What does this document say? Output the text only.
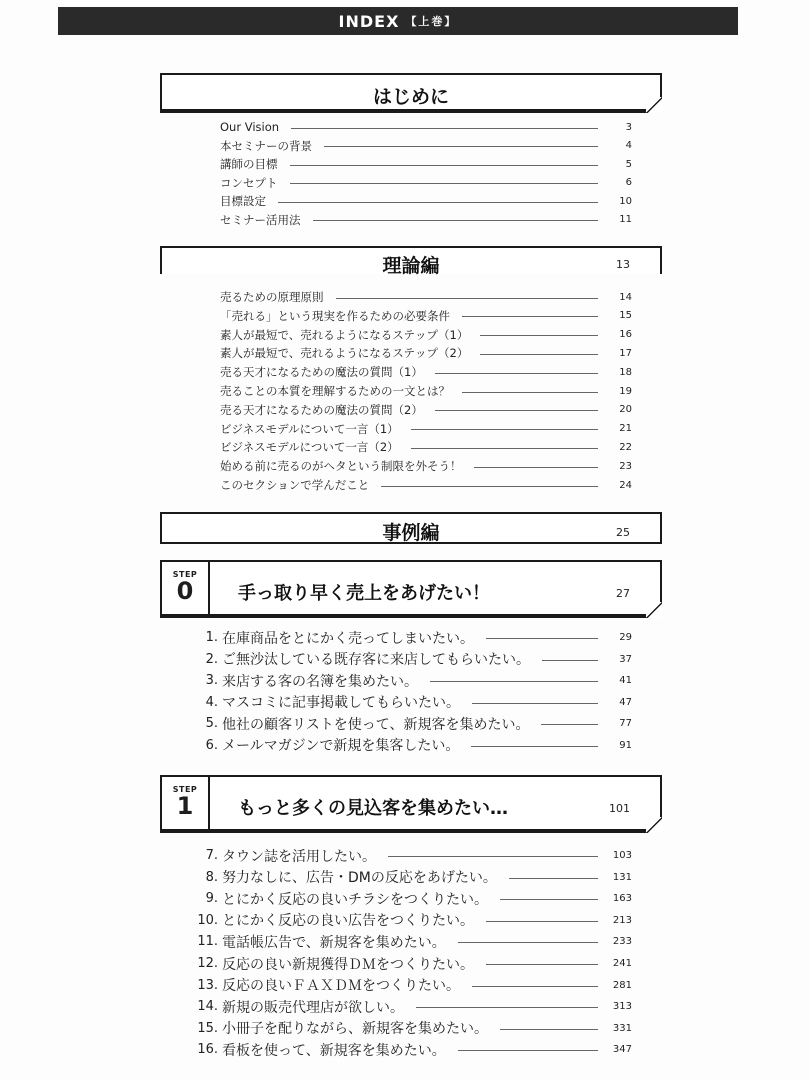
INDEX 【上巻】
はじめに
Our Vision	3
本セミナーの背景	4
講師の目標	5
コンセプト	6
目標設定	10
セミナー活用法	11
理論編	13
売るための原理原則	14
「売れる」という現実を作るための必要条件	15
素人が最短で、売れるようになるステップ（1）	16
素人が最短で、売れるようになるステップ（2）	17
売る天才になるための魔法の質問（1）	18
売ることの本質を理解するための一文とは？	19
売る天才になるための魔法の質問（2）	20
ビジネスモデルについて一言（1）	21
ビジネスモデルについて一言（2）	22
始める前に売るのがヘタという制限を外そう！	23
このセクションで学んだこと	24
事例編	25
STEP
0	手っ取り早く売上をあげたい！	27
1. 在庫商品をとにかく売ってしまいたい。	29
2. ご無沙汰している既存客に来店してもらいたい。	37
3. 来店する客の名簿を集めたい。	41
4. マスコミに記事掲載してもらいたい。	47
5. 他社の顧客リストを使って、新規客を集めたい。	77
6. メールマガジンで新規を集客したい。	91
STEP
1	もっと多くの見込客を集めたい…	101
7. タウン誌を活用したい。	103
8. 努力なしに、広告・DMの反応をあげたい。	131
9. とにかく反応の良いチラシをつくりたい。	163
10. とにかく反応の良い広告をつくりたい。	213
11. 電話帳広告で、新規客を集めたい。	233
12. 反応の良い新規獲得ＤＭをつくりたい。	241
13. 反応の良いＦＡＸＤＭをつくりたい。	281
14. 新規の販売代理店が欲しい。	313
15. 小冊子を配りながら、新規客を集めたい。	331
16. 看板を使って、新規客を集めたい。	347
